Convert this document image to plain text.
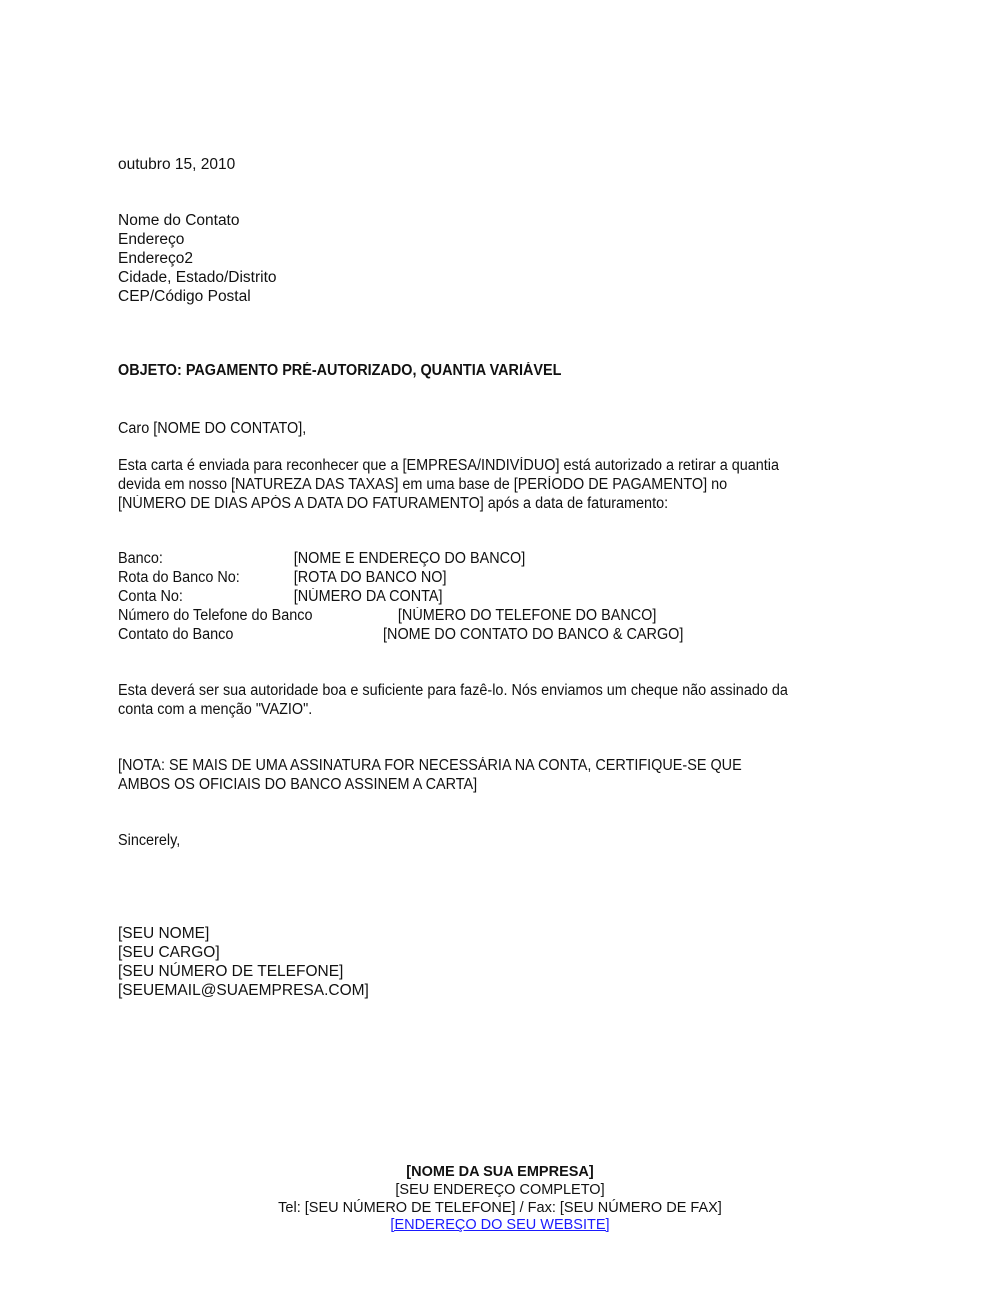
outubro 15, 2010
Nome do Contato
Endereço
Endereço2
Cidade, Estado/Distrito
CEP/Código Postal
OBJETO: PAGAMENTO PRÉ-AUTORIZADO, QUANTIA VARIÁVEL
Caro [NOME DO CONTATO],
Esta carta é enviada para reconhecer que a [EMPRESA/INDIVÍDUO] está autorizado a retirar a quantia
devida em nosso [NATUREZA DAS TAXAS] em uma base de [PERÍODO DE PAGAMENTO] no
[NÚMERO DE DIAS APÓS A DATA DO FATURAMENTO] após a data de faturamento:
Banco:	[NOME E ENDEREÇO DO BANCO]
Rota do Banco No:	[ROTA DO BANCO NO]
Conta No:	[NÚMERO DA CONTA]
Número do Telefone do Banco	[NÚMERO DO TELEFONE DO BANCO]
Contato do Banco	[NOME DO CONTATO DO BANCO & CARGO]
Esta deverá ser sua autoridade boa e suficiente para fazê-lo. Nós enviamos um cheque não assinado da
conta com a menção "VAZIO".
[NOTA: SE MAIS DE UMA ASSINATURA FOR NECESSÁRIA NA CONTA, CERTIFIQUE-SE QUE
AMBOS OS OFICIAIS DO BANCO ASSINEM A CARTA]
Sincerely,
[SEU NOME]
[SEU CARGO]
[SEU NÚMERO DE TELEFONE]
[SEUEMAIL@SUAEMPRESA.COM]
[NOME DA SUA EMPRESA]
[SEU ENDEREÇO COMPLETO]
Tel: [SEU NÚMERO DE TELEFONE] / Fax: [SEU NÚMERO DE FAX]
[ENDEREÇO DO SEU WEBSITE]
